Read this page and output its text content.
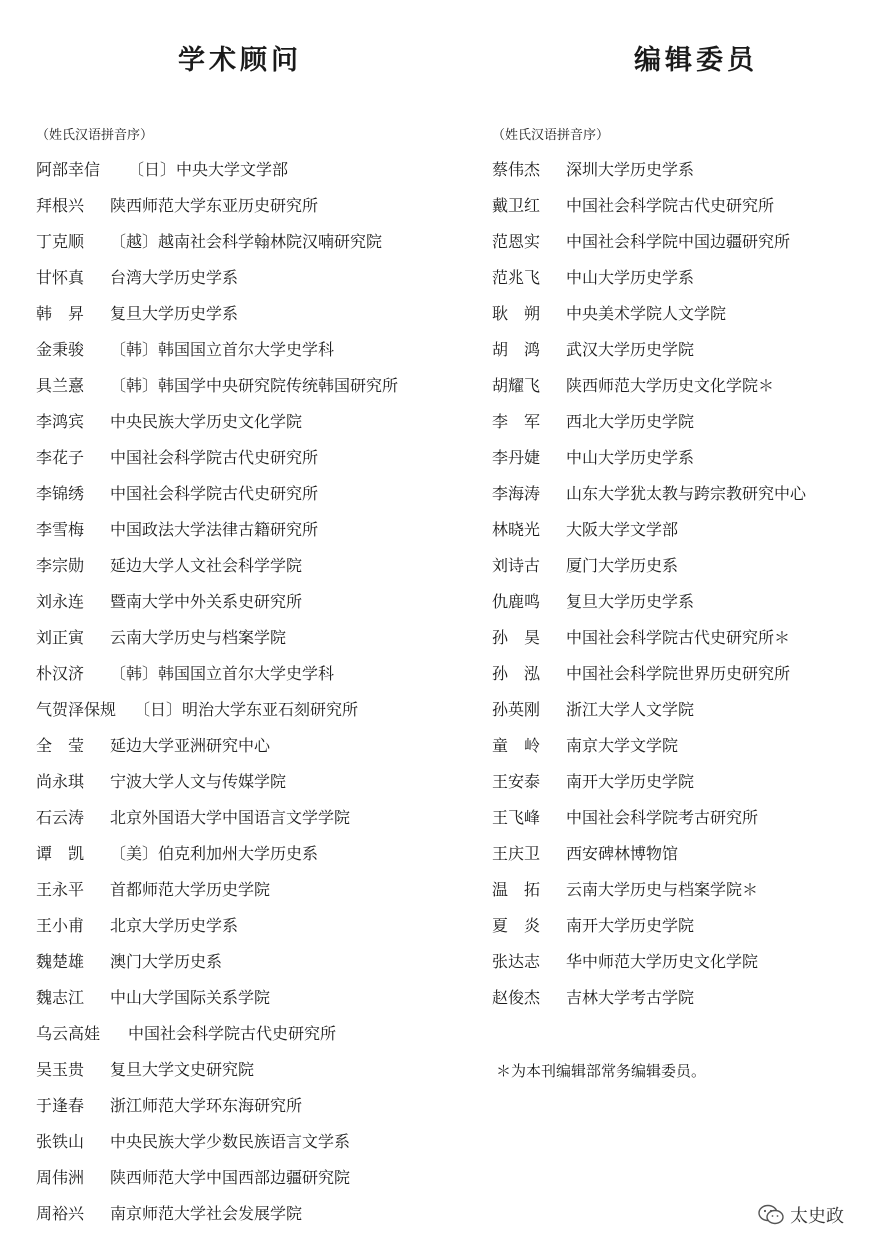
学术顾问
（姓氏汉语拼音序）
阿部幸信 〔日〕中央大学文学部
拜根兴 陕西师范大学东亚历史研究所
丁克顺 〔越〕越南社会科学翰林院汉喃研究院
甘怀真 台湾大学历史学系
韩　昇 复旦大学历史学系
金秉骏 〔韩〕韩国国立首尔大学史学科
具兰憙 〔韩〕韩国学中央研究院传统韩国研究所
李鸿宾 中央民族大学历史文化学院
李花子 中国社会科学院古代史研究所
李锦绣 中国社会科学院古代史研究所
李雪梅 中国政法大学法律古籍研究所
李宗勋 延边大学人文社会科学学院
刘永连 暨南大学中外关系史研究所
刘正寅 云南大学历史与档案学院
朴汉济 〔韩〕韩国国立首尔大学史学科
气贺泽保规 〔日〕明治大学东亚石刻研究所
全　莹 延边大学亚洲研究中心
尚永琪 宁波大学人文与传媒学院
石云涛 北京外国语大学中国语言文学学院
谭　凯 〔美〕伯克利加州大学历史系
王永平 首都师范大学历史学院
王小甫 北京大学历史学系
魏楚雄 澳门大学历史系
魏志江 中山大学国际关系学院
乌云高娃 中国社会科学院古代史研究所
吴玉贵 复旦大学文史研究院
于逢春 浙江师范大学环东海研究所
张铁山 中央民族大学少数民族语言文学系
周伟洲 陕西师范大学中国西部边疆研究院
周裕兴 南京师范大学社会发展学院
编辑委员
（姓氏汉语拼音序）
蔡伟杰 深圳大学历史学系
戴卫红 中国社会科学院古代史研究所
范恩实 中国社会科学院中国边疆研究所
范兆飞 中山大学历史学系
耿　朔 中央美术学院人文学院
胡　鸿 武汉大学历史学院
胡耀飞 陕西师范大学历史文化学院＊
李　军 西北大学历史学院
李丹婕 中山大学历史学系
李海涛 山东大学犹太教与跨宗教研究中心
林晓光 大阪大学文学部
刘诗古 厦门大学历史系
仇鹿鸣 复旦大学历史学系
孙　昊 中国社会科学院古代史研究所＊
孙　泓 中国社会科学院世界历史研究所
孙英刚 浙江大学人文学院
童　岭 南京大学文学院
王安泰 南开大学历史学院
王飞峰 中国社会科学院考古研究所
王庆卫 西安碑林博物馆
温　拓 云南大学历史与档案学院＊
夏　炎 南开大学历史学院
张达志 华中师范大学历史文化学院
赵俊杰 吉林大学考古学院
＊为本刊编辑部常务编辑委员。
太史政
